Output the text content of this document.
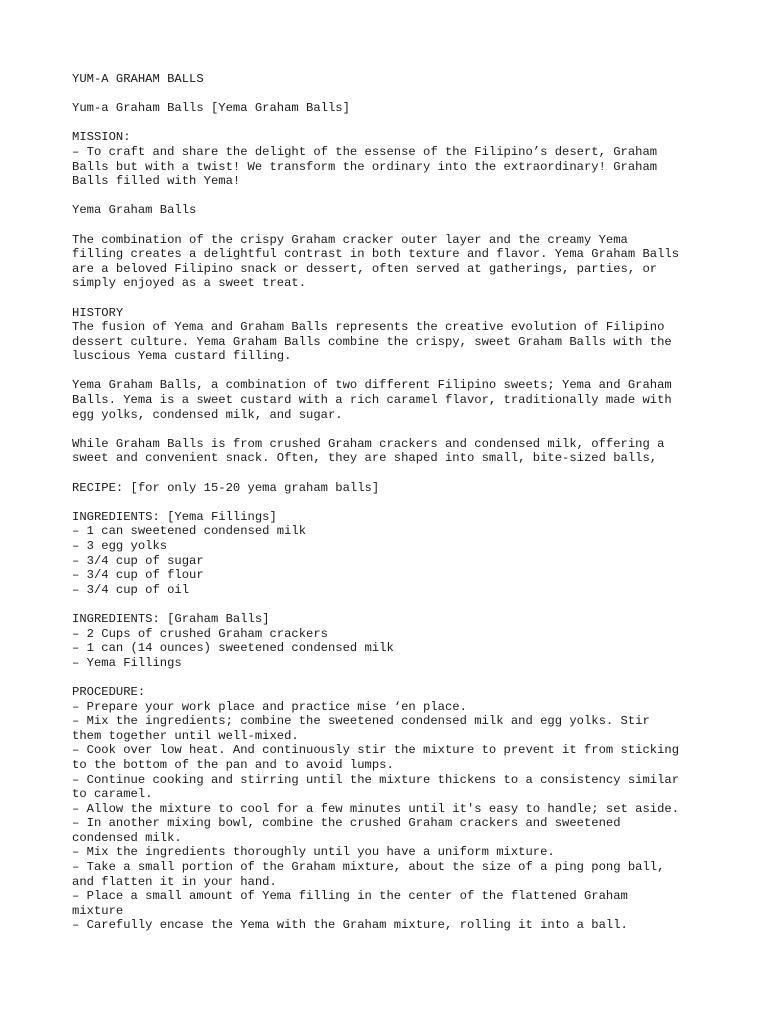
YUM-A GRAHAM BALLS
Yum-a Graham Balls [Yema Graham Balls]
MISSION:
– To craft and share the delight of the essense of the Filipino’s desert, Graham
Balls but with a twist! We transform the ordinary into the extraordinary! Graham
Balls filled with Yema!
Yema Graham Balls
The combination of the crispy Graham cracker outer layer and the creamy Yema
filling creates a delightful contrast in both texture and flavor. Yema Graham Balls
are a beloved Filipino snack or dessert, often served at gatherings, parties, or
simply enjoyed as a sweet treat.
HISTORY
The fusion of Yema and Graham Balls represents the creative evolution of Filipino
dessert culture. Yema Graham Balls combine the crispy, sweet Graham Balls with the
luscious Yema custard filling.
Yema Graham Balls, a combination of two different Filipino sweets; Yema and Graham
Balls. Yema is a sweet custard with a rich caramel flavor, traditionally made with
egg yolks, condensed milk, and sugar.
While Graham Balls is from crushed Graham crackers and condensed milk, offering a
sweet and convenient snack. Often, they are shaped into small, bite-sized balls,
RECIPE: [for only 15-20 yema graham balls]
INGREDIENTS: [Yema Fillings]
– 1 can sweetened condensed milk
– 3 egg yolks
– 3/4 cup of sugar
– 3/4 cup of flour
– 3/4 cup of oil
INGREDIENTS: [Graham Balls]
– 2 Cups of crushed Graham crackers
– 1 can (14 ounces) sweetened condensed milk
– Yema Fillings
PROCEDURE:
– Prepare your work place and practice mise ‘en place.
– Mix the ingredients; combine the sweetened condensed milk and egg yolks. Stir
them together until well-mixed.
– Cook over low heat. And continuously stir the mixture to prevent it from sticking
to the bottom of the pan and to avoid lumps.
– Continue cooking and stirring until the mixture thickens to a consistency similar
to caramel.
– Allow the mixture to cool for a few minutes until it's easy to handle; set aside.
– In another mixing bowl, combine the crushed Graham crackers and sweetened
condensed milk.
– Mix the ingredients thoroughly until you have a uniform mixture.
– Take a small portion of the Graham mixture, about the size of a ping pong ball,
and flatten it in your hand.
– Place a small amount of Yema filling in the center of the flattened Graham
mixture
– Carefully encase the Yema with the Graham mixture, rolling it into a ball.
